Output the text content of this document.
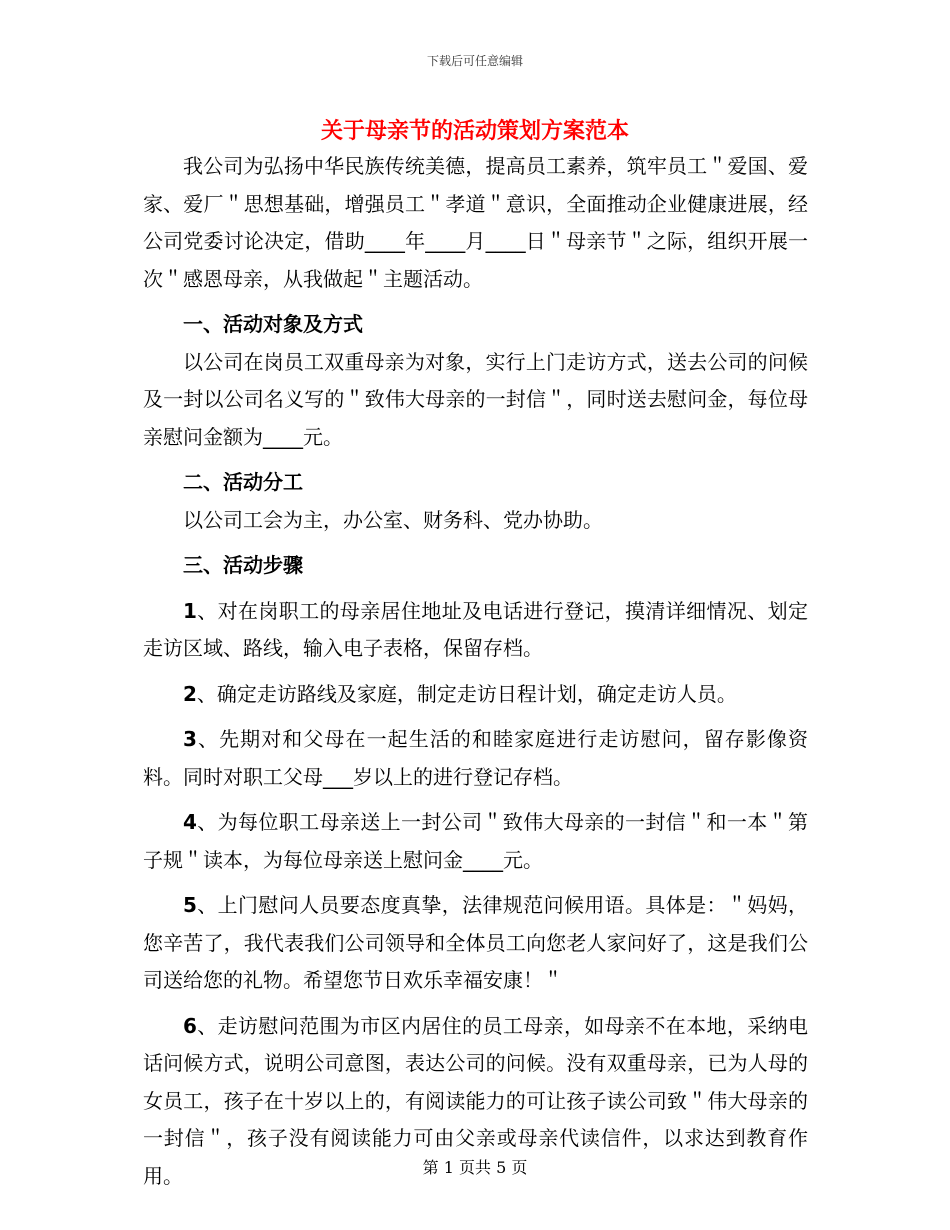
下载后可任意编辑
关于母亲节的活动策划方案范本

我公司为弘扬中华民族传统美德，提高员工素养，筑牢员工＂爱国、爱家、爱厂＂思想基础，增强员工＂孝道＂意识，全面推动企业健康进展，经公司党委讨论决定，借助____年____月____日＂母亲节＂之际，组织开展一次＂感恩母亲，从我做起＂主题活动。

一、活动对象及方式

以公司在岗员工双重母亲为对象，实行上门走访方式，送去公司的问候及一封以公司名义写的＂致伟大母亲的一封信＂，同时送去慰问金，每位母亲慰问金额为____元。

二、活动分工

以公司工会为主，办公室、财务科、党办协助。

三、活动步骤

1、对在岗职工的母亲居住地址及电话进行登记，摸清详细情况、划定走访区域、路线，输入电子表格，保留存档。

2、确定走访路线及家庭，制定走访日程计划，确定走访人员。

3、先期对和父母在一起生活的和睦家庭进行走访慰问，留存影像资料。同时对职工父母___岁以上的进行登记存档。

4、为每位职工母亲送上一封公司＂致伟大母亲的一封信＂和一本＂第子规＂读本，为每位母亲送上慰问金____元。

5、上门慰问人员要态度真挚，法律规范问候用语。具体是：＂妈妈，您辛苦了，我代表我们公司领导和全体员工向您老人家问好了，这是我们公司送给您的礼物。希望您节日欢乐幸福安康！＂

6、走访慰问范围为市区内居住的员工母亲，如母亲不在本地，采纳电话问候方式，说明公司意图，表达公司的问候。没有双重母亲，已为人母的女员工，孩子在十岁以上的，有阅读能力的可让孩子读公司致＂伟大母亲的一封信＂，孩子没有阅读能力可由父亲或母亲代读信件，以求达到教育作用。	第 1 页共 5 页
